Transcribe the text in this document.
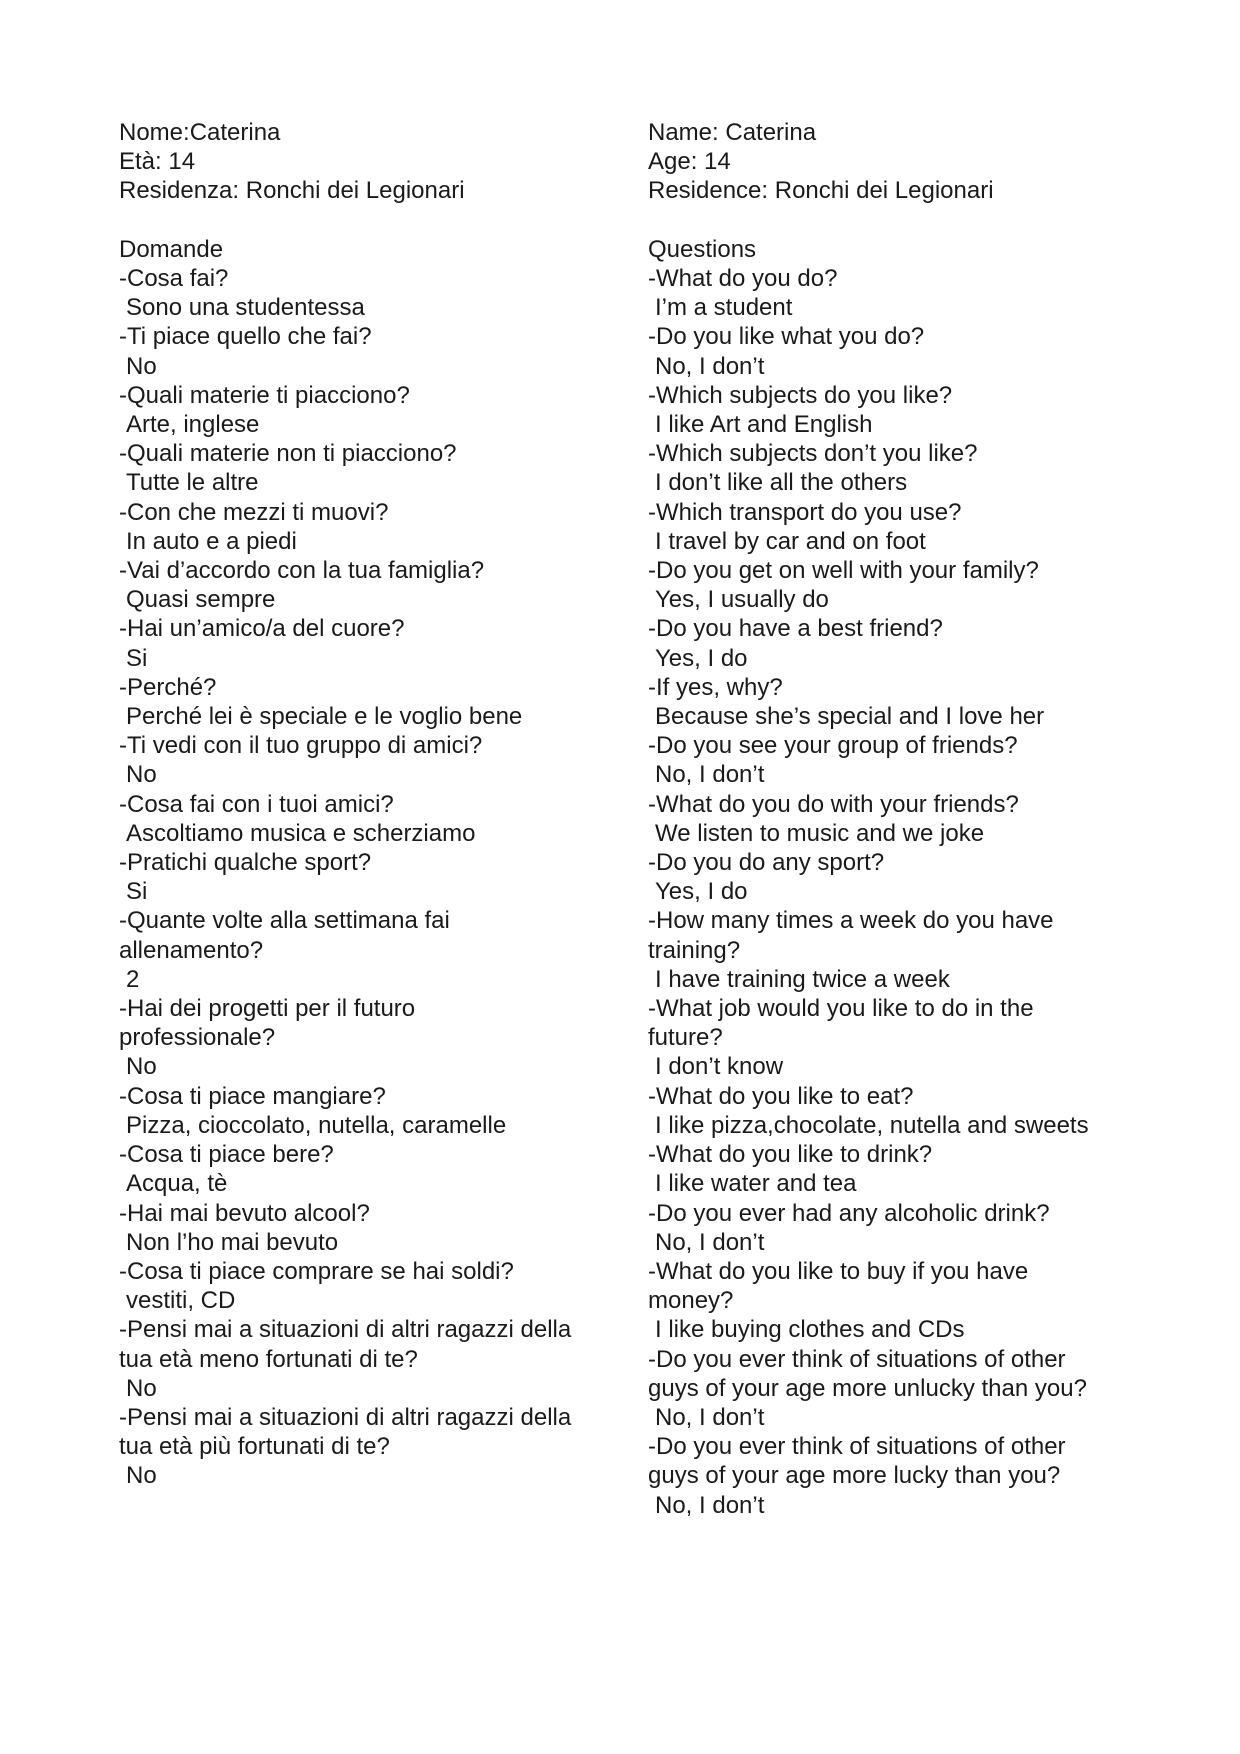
Nome:Caterina
Età: 14
Residenza: Ronchi dei Legionari
Domande
-Cosa fai?
Sono una studentessa
-Ti piace quello che fai?
No
-Quali materie ti piacciono?
Arte, inglese
-Quali materie non ti piacciono?
Tutte le altre
-Con che mezzi ti muovi?
In auto e a piedi
-Vai d’accordo con la tua famiglia?
Quasi sempre
-Hai un’amico/a del cuore?
Si
-Perché?
Perché lei è speciale e le voglio bene
-Ti vedi con il tuo gruppo di amici?
No
-Cosa fai con i tuoi amici?
Ascoltiamo musica e scherziamo
-Pratichi qualche sport?
Si
-Quante volte alla settimana fai
allenamento?
2
-Hai dei progetti per il futuro
professionale?
No
-Cosa ti piace mangiare?
Pizza, cioccolato, nutella, caramelle
-Cosa ti piace bere?
Acqua, tè
-Hai mai bevuto alcool?
Non l’ho mai bevuto
-Cosa ti piace comprare se hai soldi?
vestiti, CD
-Pensi mai a situazioni di altri ragazzi della
tua età meno fortunati di te?
No
-Pensi mai a situazioni di altri ragazzi della
tua età più fortunati di te?
No
Name: Caterina
Age: 14
Residence: Ronchi dei Legionari
Questions
-What do you do?
I’m a student
-Do you like what you do?
No, I don’t
-Which subjects do you like?
I like Art and English
-Which subjects don’t you like?
I don’t like all the others
-Which transport do you use?
I travel by car and on foot
-Do you get on well with your family?
Yes, I usually do
-Do you have a best friend?
Yes, I do
-If yes, why?
Because she’s special and I love her
-Do you see your group of friends?
No, I don’t
-What do you do with your friends?
We listen to music and we joke
-Do you do any sport?
Yes, I do
-How many times a week do you have
training?
I have training twice a week
-What job would you like to do in the
future?
I don’t know
-What do you like to eat?
I like pizza,chocolate, nutella and sweets
-What do you like to drink?
I like water and tea
-Do you ever had any alcoholic drink?
No, I don’t
-What do you like to buy if you have
money?
I like buying clothes and CDs
-Do you ever think of situations of other
guys of your age more unlucky than you?
No, I don’t
-Do you ever think of situations of other
guys of your age more lucky than you?
No, I don’t
